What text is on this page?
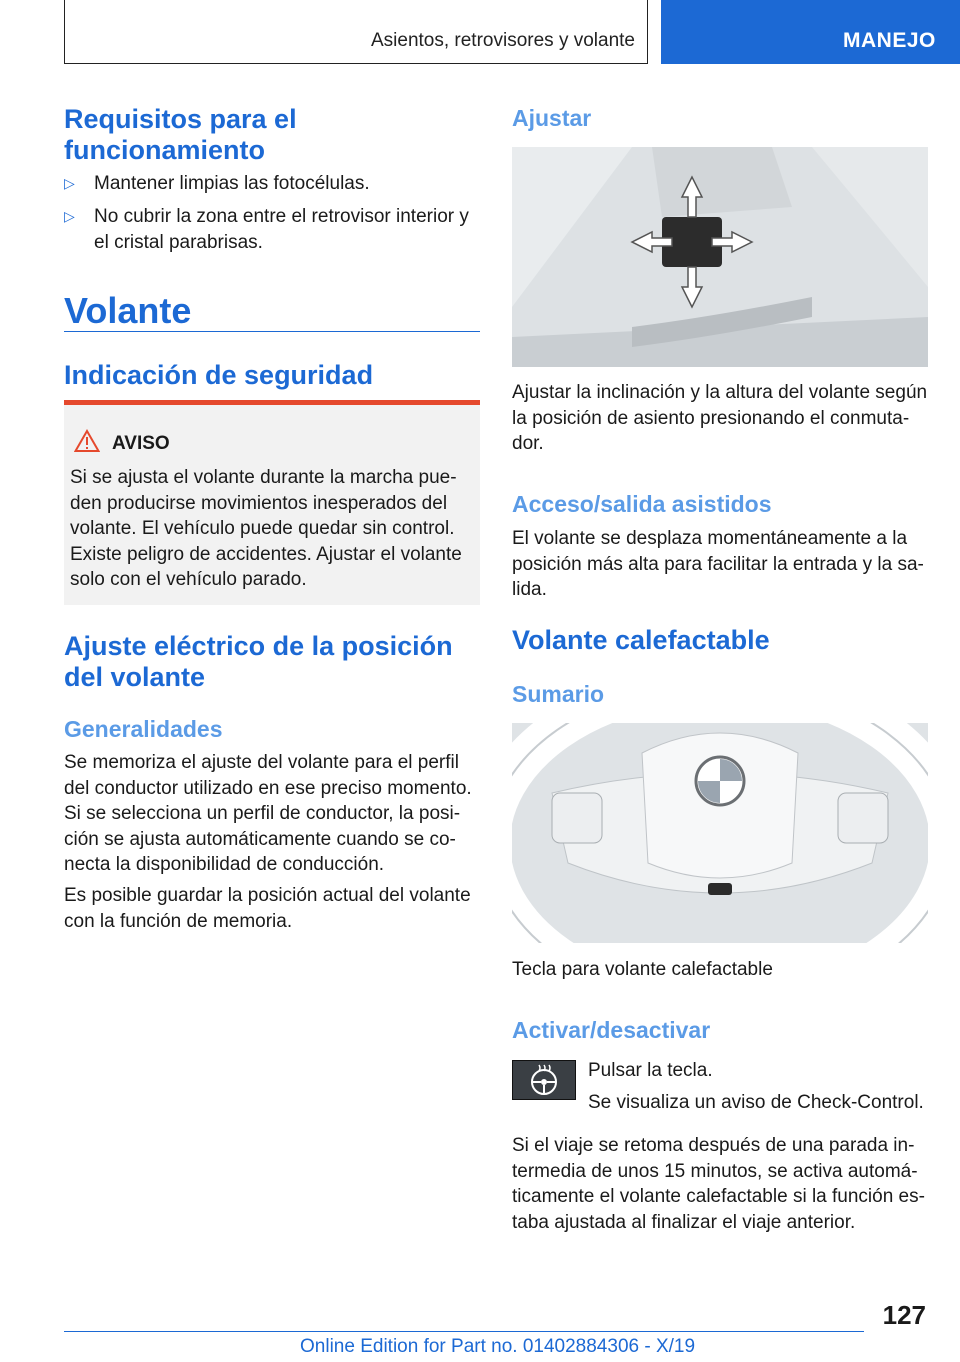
Asientos, retrovisores y volante	MANEJO
Requisitos para el funcionamiento
▷ Mantener limpias las fotocélulas.
▷ No cubrir la zona entre el retrovisor interior y el cristal parabrisas.
Volante
Indicación de seguridad
AVISO
Si se ajusta el volante durante la marcha pue-den producirse movimientos inesperados del volante. El vehículo puede quedar sin control. Existe peligro de accidentes. Ajustar el volante solo con el vehículo parado.
Ajuste eléctrico de la posición del volante
Generalidades

Se memoriza el ajuste del volante para el perfil del conductor utilizado en ese preciso momento. Si se selecciona un perfil de conductor, la posi-ción se ajusta automáticamente cuando se co-necta la disponibilidad de conducción.

Es posible guardar la posición actual del volante con la función de memoria.

Ajustar

Ajustar la inclinación y la altura del volante según la posición de asiento presionando el conmuta-dor.

Acceso/salida asistidos

El volante se desplaza momentáneamente a la posición más alta para facilitar la entrada y la sa-lida.

Volante calefactable
Sumario

Tecla para volante calefactable

Activar/desactivar

Pulsar la tecla.

Se visualiza un aviso de Check-Control.

Si el viaje se retoma después de una parada in-termedia de unos 15 minutos, se activa automá-ticamente el volante calefactable si la función es-taba ajustada al finalizar el viaje anterior.

127
Online Edition for Part no. 01402884306 - X/19
